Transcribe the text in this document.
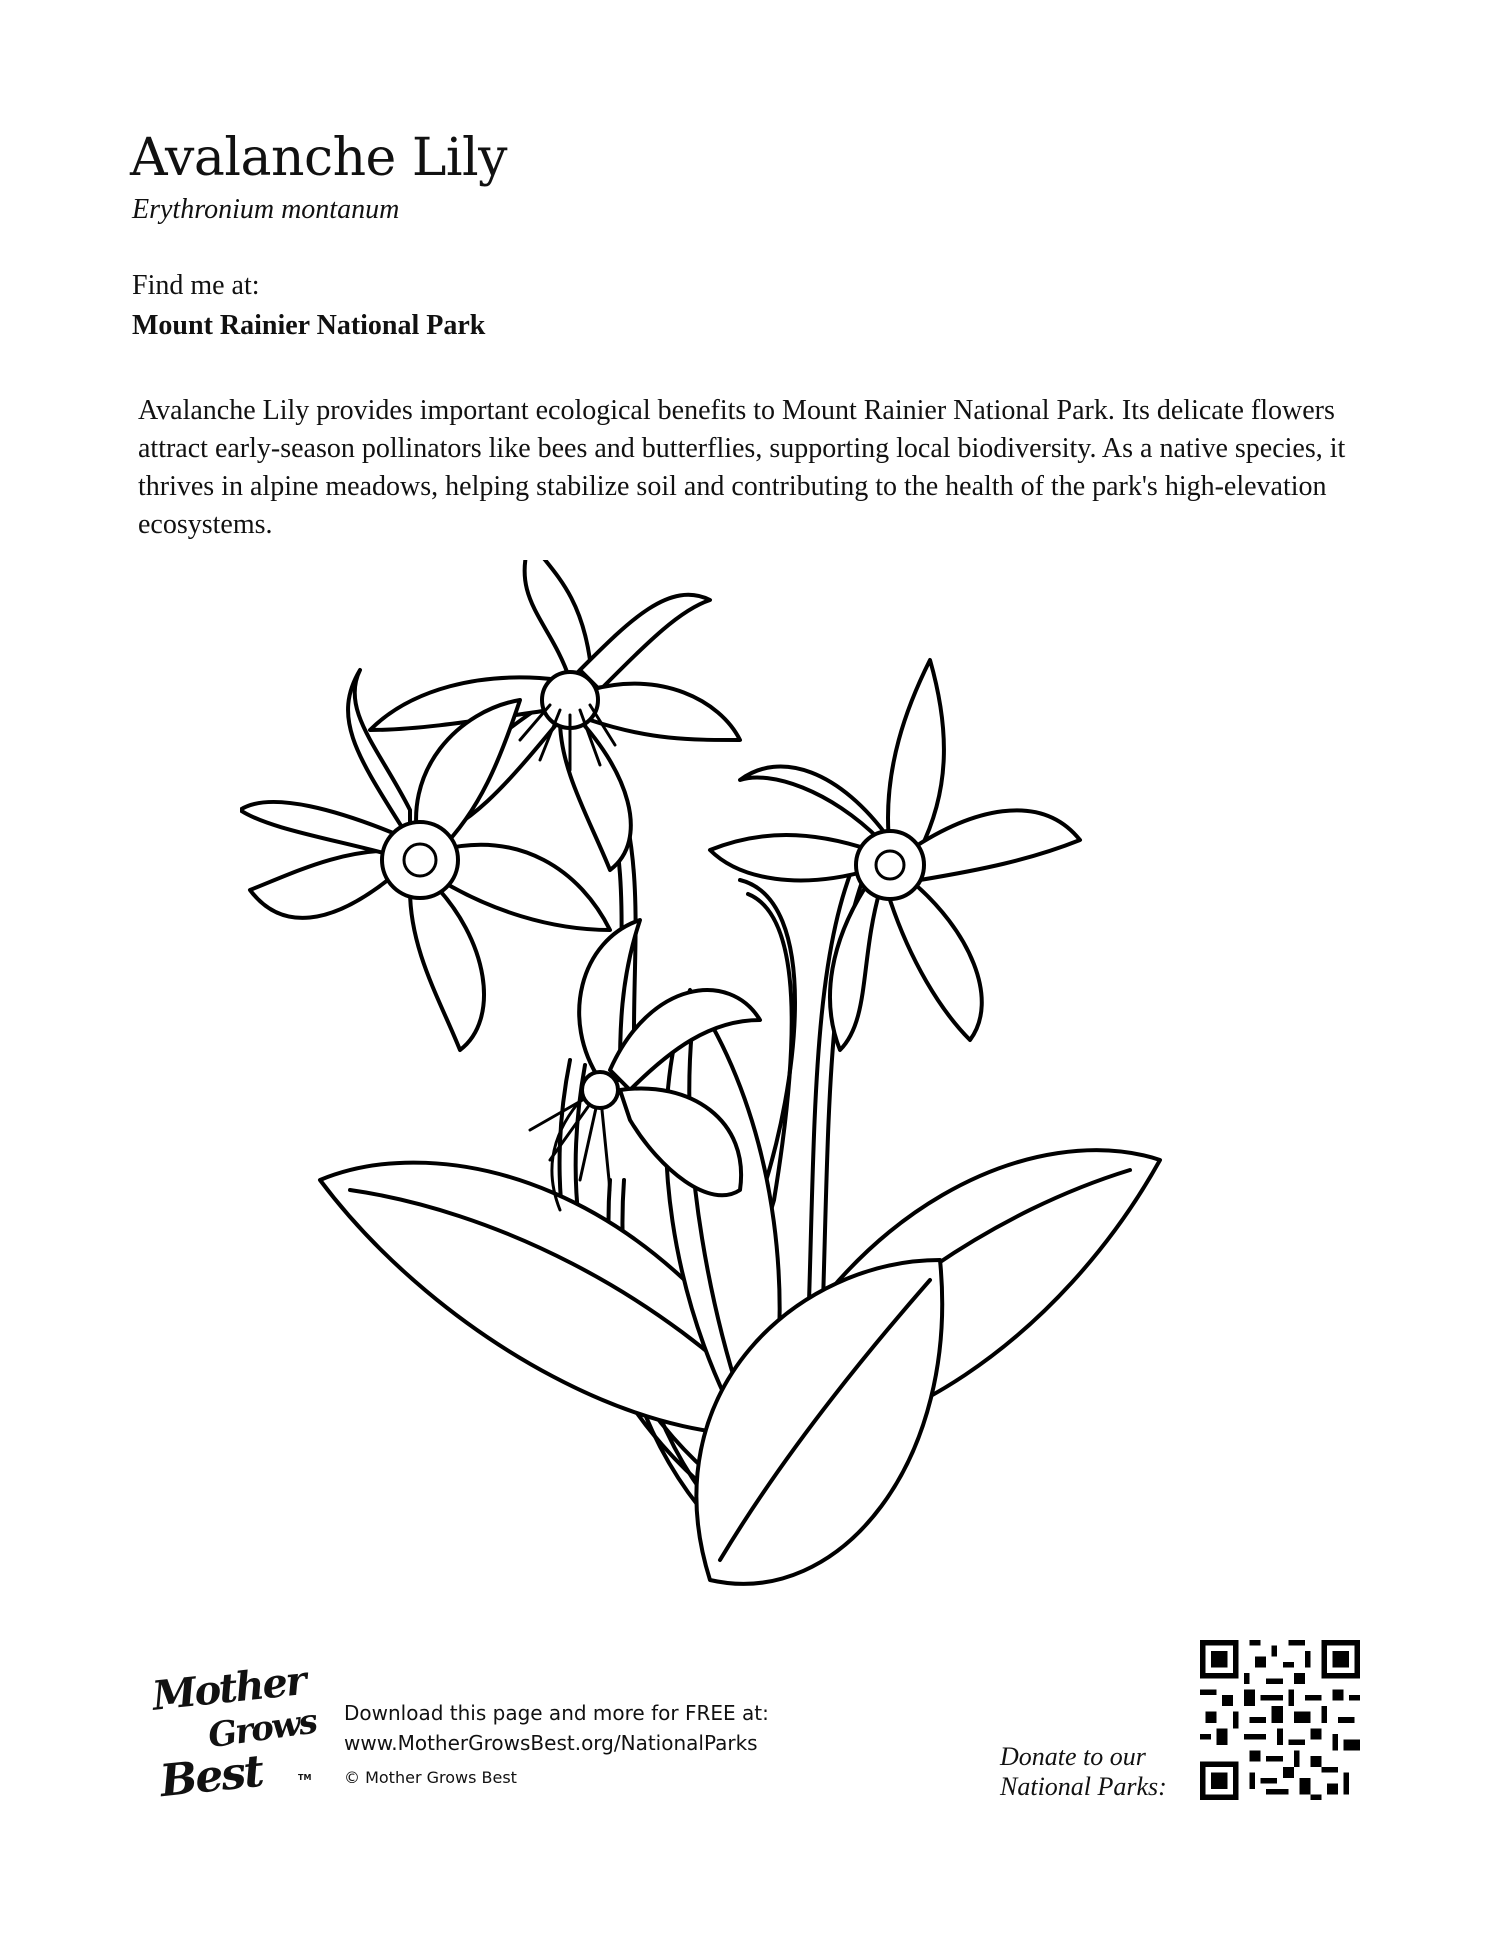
Avalanche Lily

Erythronium montanum

Find me at:

Mount Rainier National Park

Avalanche Lily provides important ecological benefits to Mount Rainier National Park. Its delicate flowers attract early-season pollinators like bees and butterflies, supporting local biodiversity. As a native species, it thrives in alpine meadows, helping stabilize soil and contributing to the health of the park's high-elevation ecosystems.

Mother
Grows
Best	TM

Download this page and more for FREE at:
www.MotherGrowsBest.org/NationalParks

© Mother Grows Best

Donate to our
National Parks:
